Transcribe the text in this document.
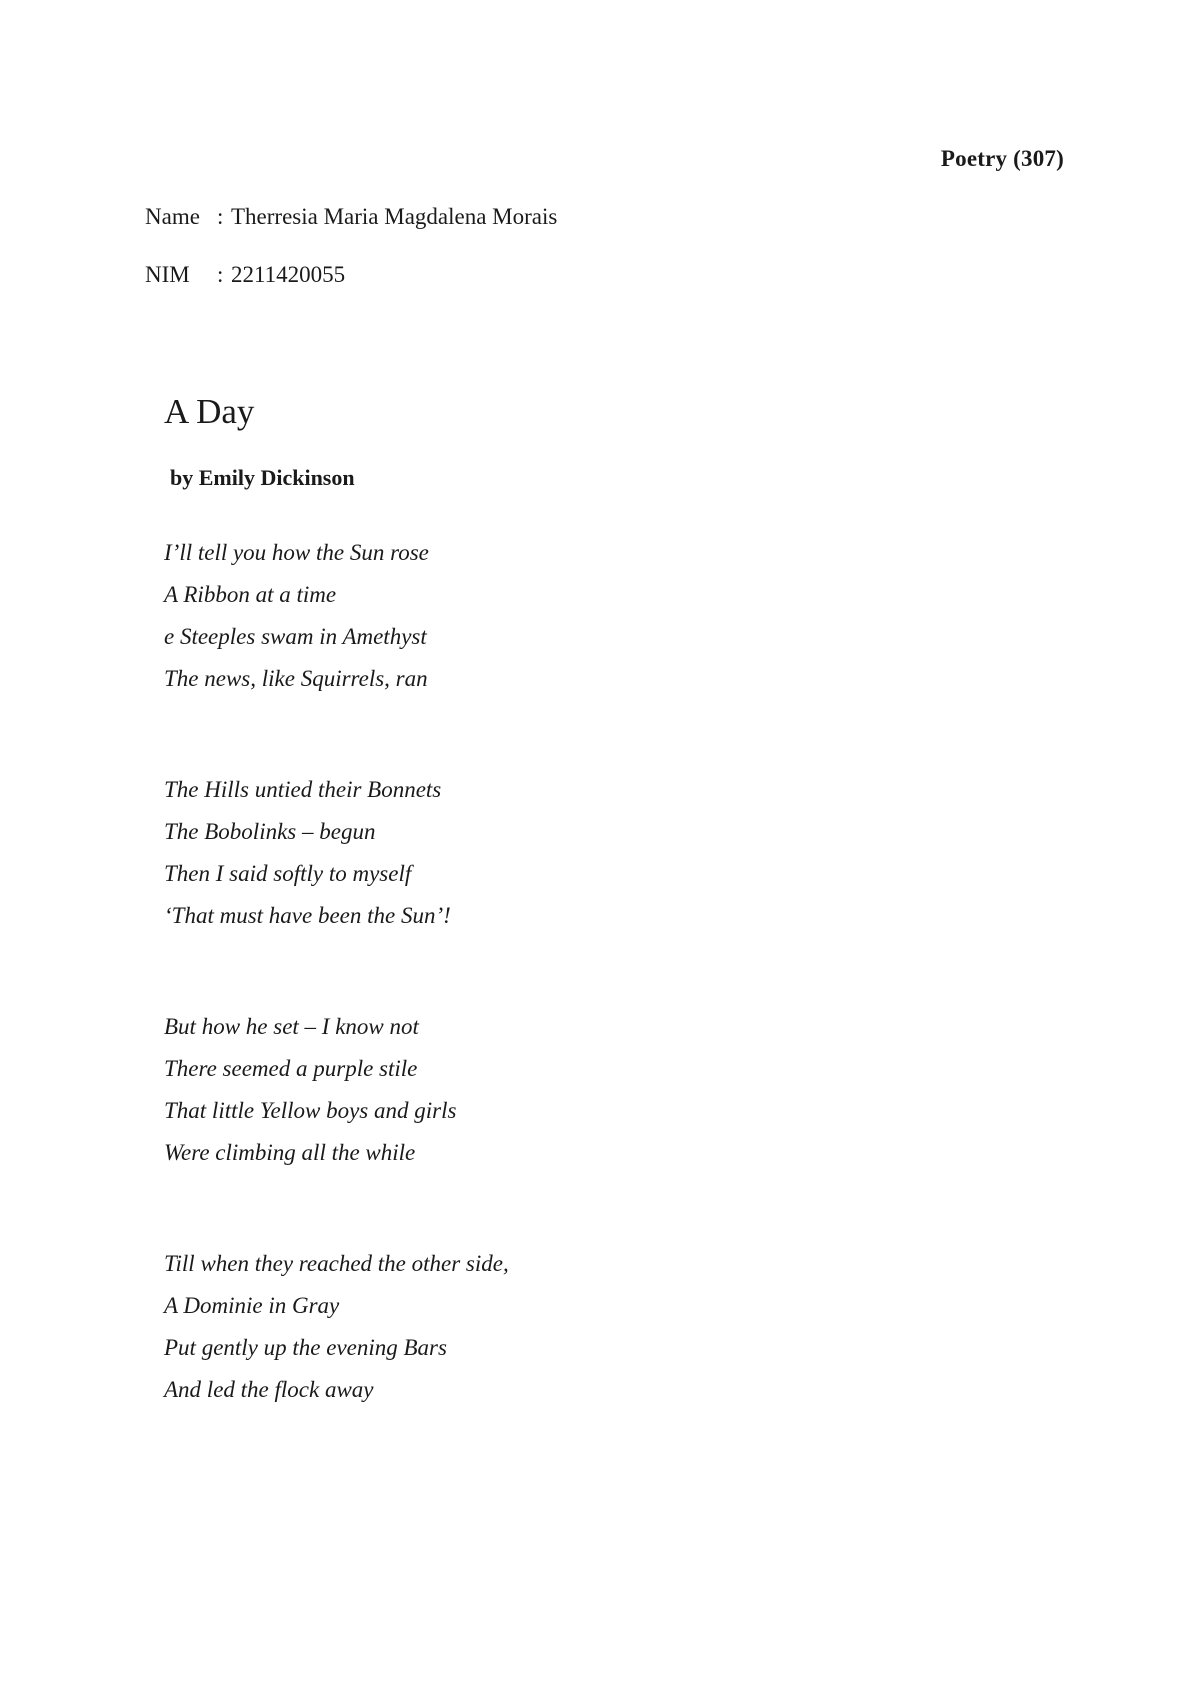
Poetry (307)
Name : Therresia Maria Magdalena Morais
NIM	: 2211420055
A Day
by Emily Dickinson
I’ll tell you how the Sun rose
A Ribbon at a time
e Steeples swam in Amethyst
The news, like Squirrels, ran
The Hills untied their Bonnets
The Bobolinks – begun
Then I said softly to myself
‘That must have been the Sun’!
But how he set – I know not
There seemed a purple stile
That little Yellow boys and girls
Were climbing all the while
Till when they reached the other side,
A Dominie in Gray
Put gently up the evening Bars
And led the flock away
